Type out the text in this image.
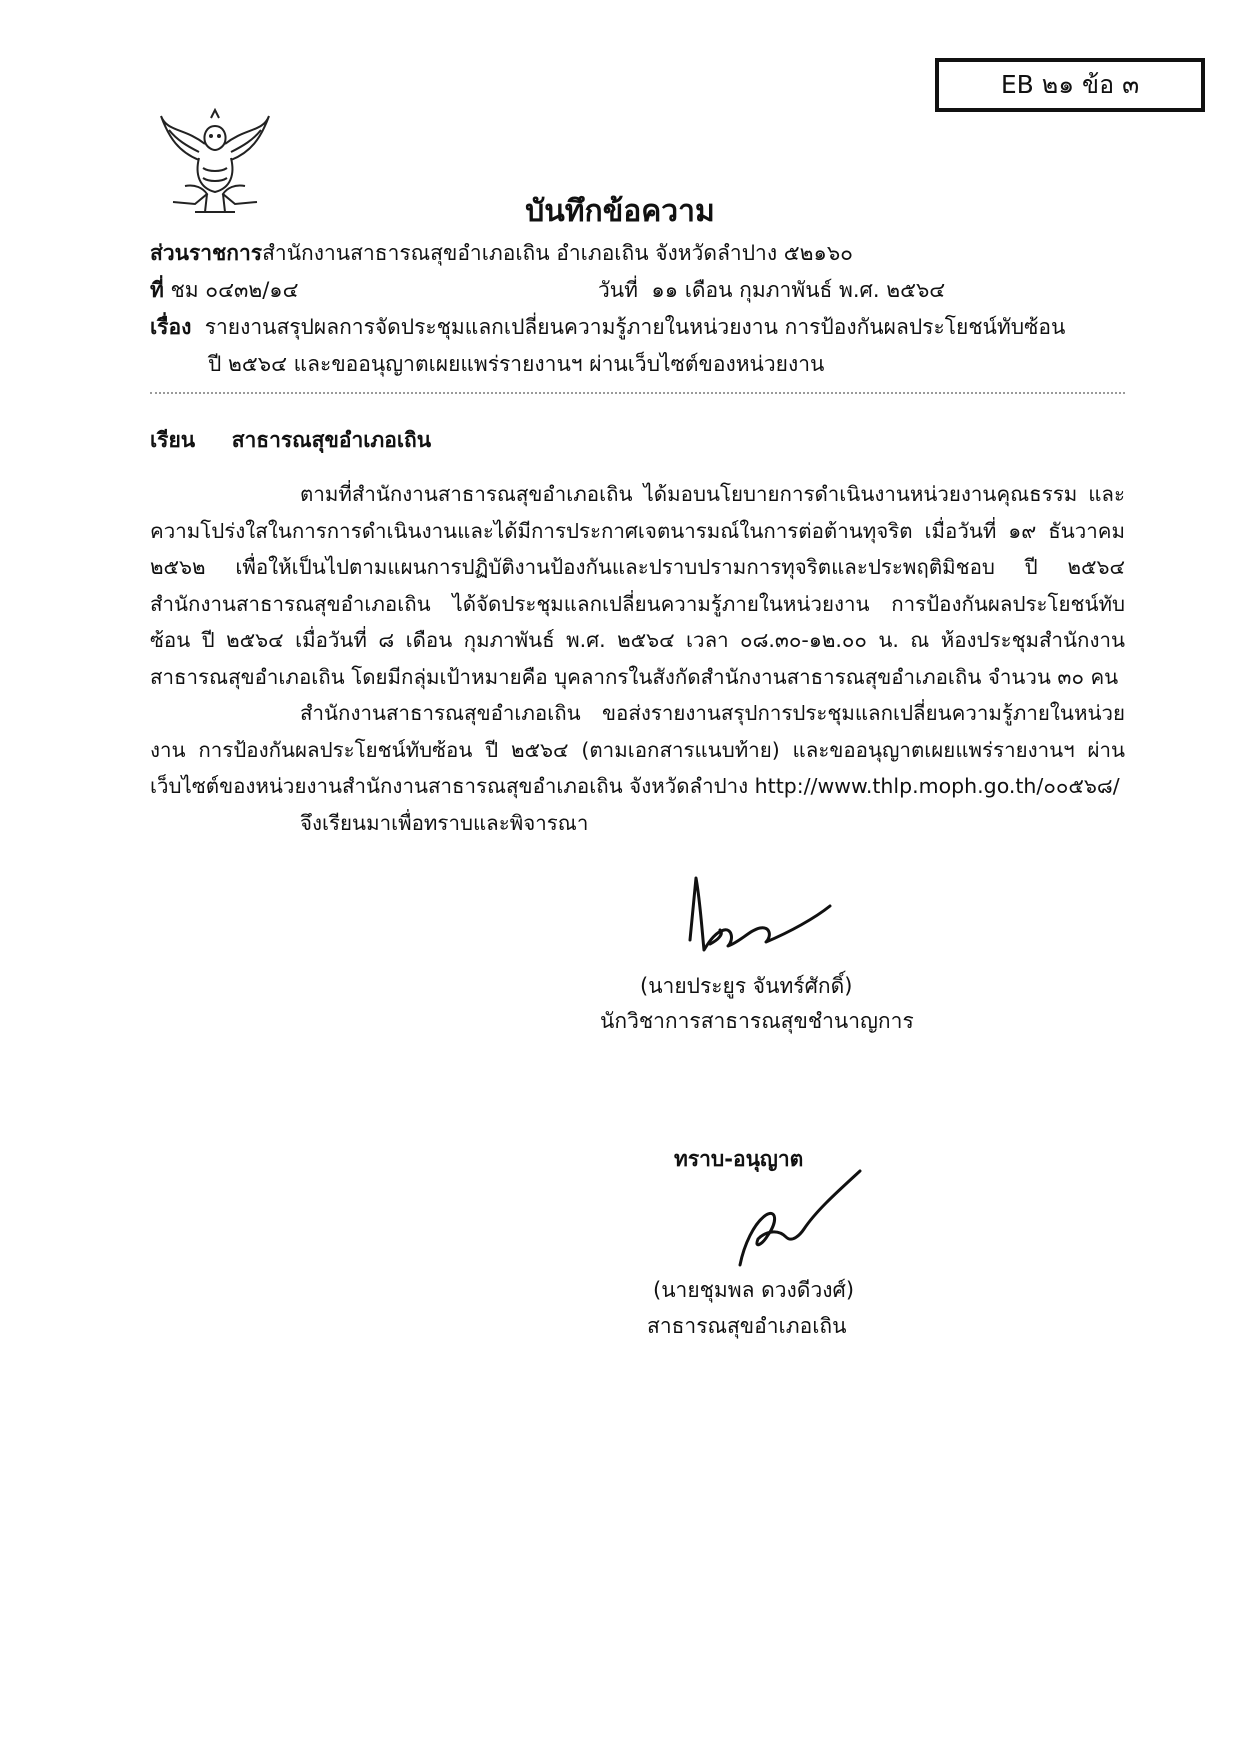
EB ๒๑ ข้อ ๓
บันทึกข้อความ
ส่วนราชการสำนักงานสาธารณสุขอำเภอเถิน อำเภอเถิน จังหวัดลำปาง ๕๒๑๖๐
ที่ ชม ๐๔๓๒/๑๔	วันที่ ๑๑ เดือน กุมภาพันธ์ พ.ศ. ๒๕๖๔
เรื่อง รายงานสรุปผลการจัดประชุมแลกเปลี่ยนความรู้ภายในหน่วยงาน การป้องกันผลประโยชน์ทับซ้อน
ปี ๒๕๖๔ และขออนุญาตเผยแพร่รายงานฯ ผ่านเว็บไซต์ของหน่วยงาน
เรียน สาธารณสุขอำเภอเถิน
ตามที่สำนักงานสาธารณสุขอำเภอเถิน ได้มอบนโยบายการดำเนินงานหน่วยงานคุณธรรม และความโปร่งใสในการการดำเนินงานและได้มีการประกาศเจตนารมณ์ในการต่อต้านทุจริต เมื่อวันที่ ๑๙ ธันวาคม ๒๕๖๒ เพื่อให้เป็นไปตามแผนการปฏิบัติงานป้องกันและปราบปรามการทุจริตและประพฤติมิชอบ ปี ๒๕๖๔ สำนักงานสาธารณสุขอำเภอเถิน ได้จัดประชุมแลกเปลี่ยนความรู้ภายในหน่วยงาน การป้องกันผลประโยชน์ทับซ้อน ปี ๒๕๖๔ เมื่อวันที่ ๘ เดือน กุมภาพันธ์ พ.ศ. ๒๕๖๔ เวลา ๐๘.๓๐-๑๒.๐๐ น. ณ ห้องประชุมสำนักงานสาธารณสุขอำเภอเถิน โดยมีกลุ่มเป้าหมายคือ บุคลากรในสังกัดสำนักงานสาธารณสุขอำเภอเถิน จำนวน ๓๐ คน
สำนักงานสาธารณสุขอำเภอเถิน ขอส่งรายงานสรุปการประชุมแลกเปลี่ยนความรู้ภายในหน่วยงาน การป้องกันผลประโยชน์ทับซ้อน ปี ๒๕๖๔ (ตามเอกสารแนบท้าย) และขออนุญาตเผยแพร่รายงานฯ ผ่านเว็บไซต์ของหน่วยงานสำนักงานสาธารณสุขอำเภอเถิน จังหวัดลำปาง http://www.thlp.moph.go.th/๐๐๕๖๘/
จึงเรียนมาเพื่อทราบและพิจารณา
(นายประยูร จันทร์ศักดิ์)
นักวิชาการสาธารณสุขชำนาญการ
ทราบ-อนุญาต
(นายชุมพล ดวงดีวงศ์)
สาธารณสุขอำเภอเถิน
